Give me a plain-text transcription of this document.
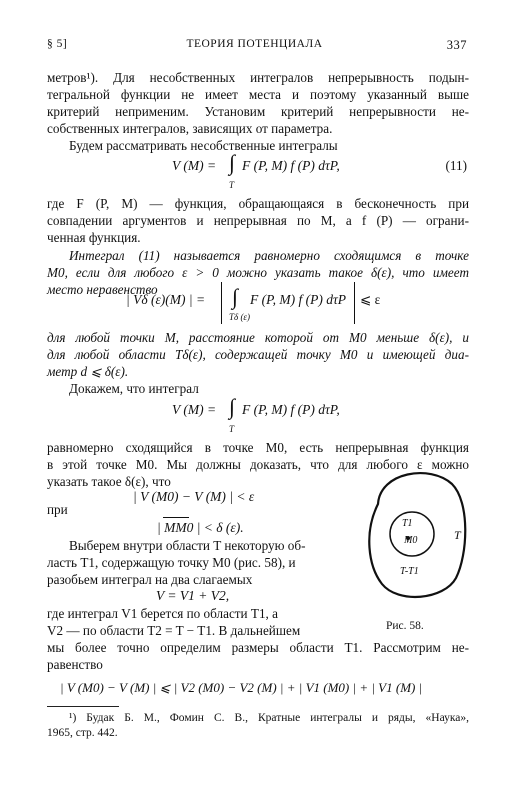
§ 5]	ТЕОРИЯ ПОТЕНЦИАЛА	337
метров¹). Для несобственных интегралов непрерывность подын-
тегральной функции не имеет места и поэтому указанный выше
критерий неприменим. Установим критерий непрерывности не-
собственных интегралов, зависящих от параметра.
Будем рассматривать несобственные интегралы
V (M) = ∫ F (P, M) f (P) dτP,
T
(11)
где F (P, M) — функция, обращающаяся в бесконечность при
совпадении аргументов и непрерывная по M, а f (P) — ограни-
ченная функция.
Интеграл (11) называется равномерно сходящимся в точке
M0, если для любого ε > 0 можно указать такое δ(ε), что имеет
место неравенство
| Vδ (ε)(M) | = ∫ F (P, M) f (P) dτP
Tδ (ε)
⩽ ε
для любой точки M, расстояние которой от M0 меньше δ(ε), и
для любой области Tδ(ε), содержащей точку M0 и имеющей диа-
метр d ⩽ δ(ε).
Докажем, что интеграл
V (M) = ∫ F (P, M) f (P) dτP,
T
равномерно сходящийся в точке M0, есть непрерывная функция
в этой точке M0. Мы должны доказать, что для любого ε можно
указать такое δ(ε), что
| V (M0) − V (M) | < ε
при
| MM0 | < δ (ε).
Выберем внутри области T некоторую об-
ласть T1, содержащую точку M0 (рис. 58), и
разобьем интеграл на два слагаемых
V = V1 + V2,
где интеграл V1 берется по области T1, а
V2 — по области T2 = T − T1. В дальнейшем
мы более точно определим размеры области T1. Рассмотрим не-
равенство
| V (M0) − V (M) | ⩽ | V2 (M0) − V2 (M) | + | V1 (M0) | + | V1 (M) |
T
T1
M0
T-T1
Рис. 58.
¹) Будак Б. М., Фомин С. В., Кратные интегралы и ряды, «Наука»,
1965, стр. 442.
